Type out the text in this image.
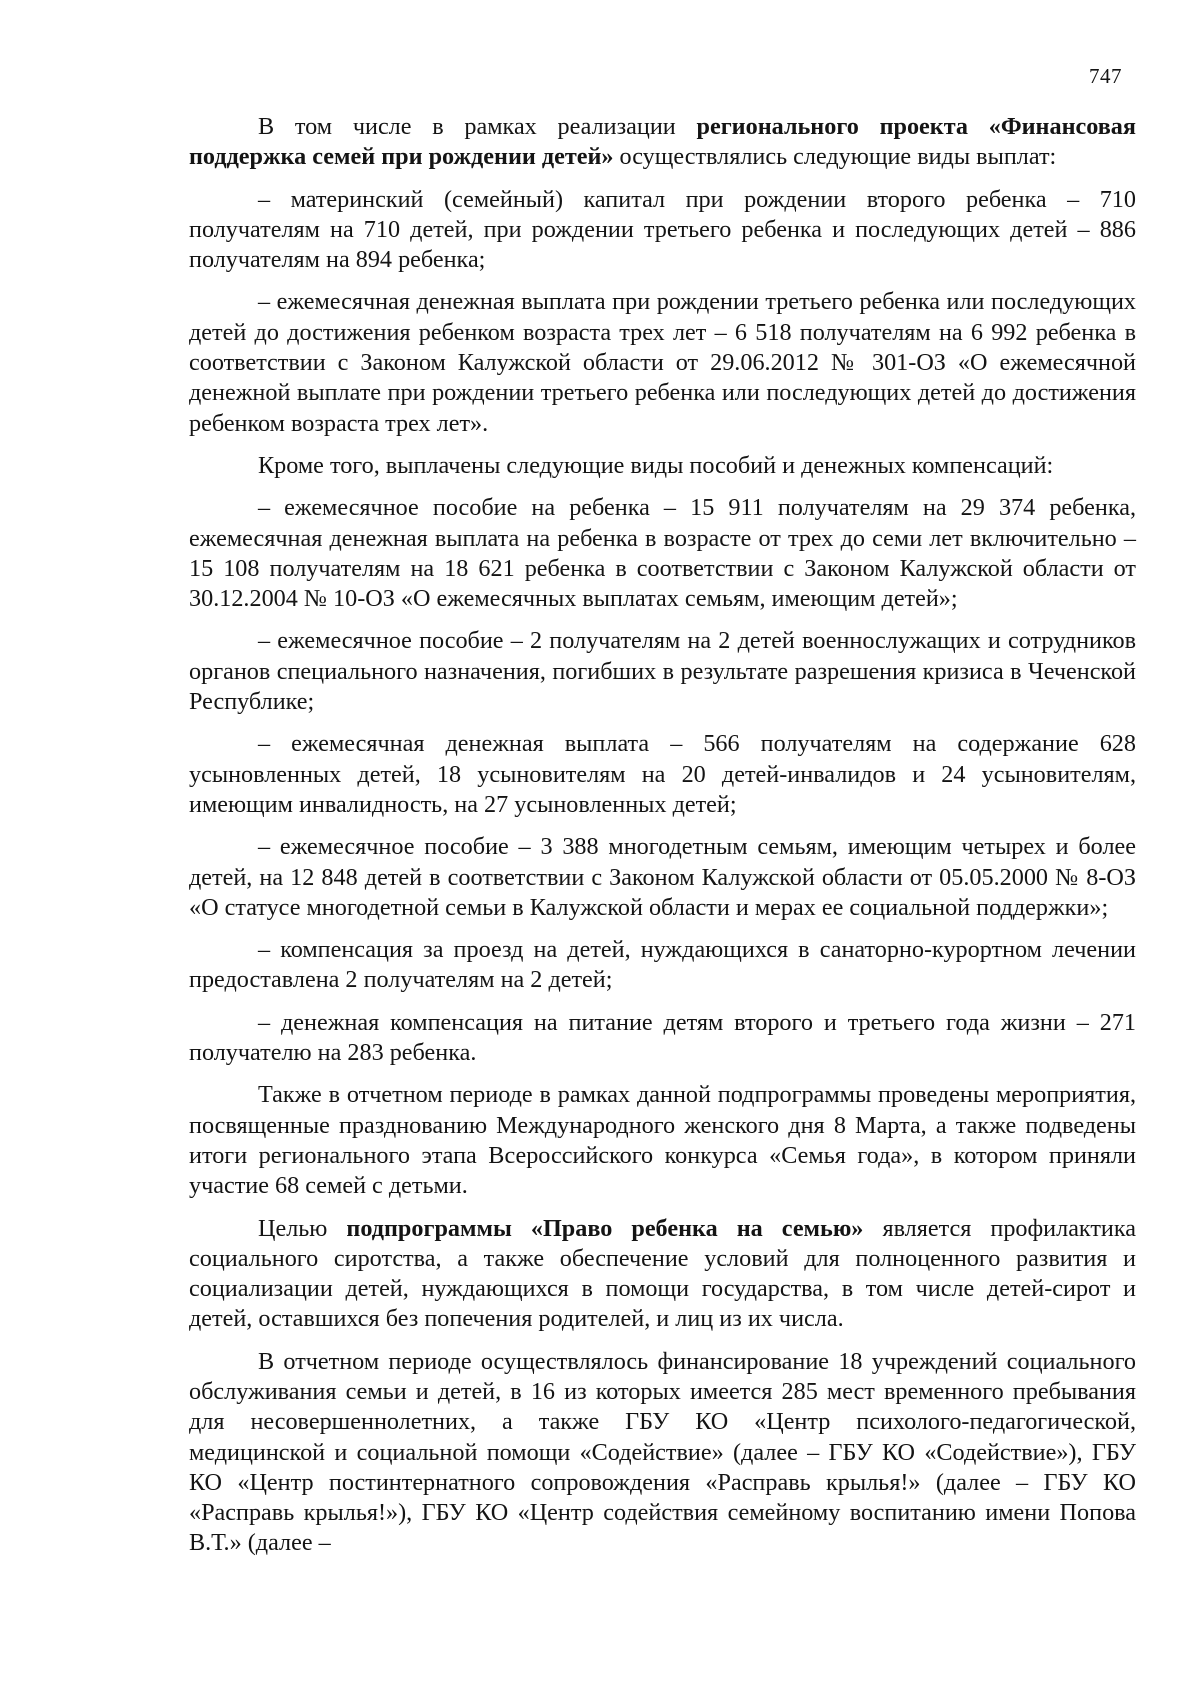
747

В том числе в рамках реализации регионального проекта «Финансовая поддержка семей при рождении детей» осуществлялись следующие виды выплат:

– материнский (семейный) капитал при рождении второго ребенка – 710 получателям на 710 детей, при рождении третьего ребенка и последующих детей – 886 получателям на 894 ребенка;

– ежемесячная денежная выплата при рождении третьего ребенка или последующих детей до достижения ребенком возраста трех лет – 6 518 получателям на 6 992 ребенка в соответствии с Законом Калужской области от 29.06.2012 № 301-ОЗ «О ежемесячной денежной выплате при рождении третьего ребенка или последующих детей до достижения ребенком возраста трех лет».

Кроме того, выплачены следующие виды пособий и денежных компенсаций:

– ежемесячное пособие на ребенка – 15 911 получателям на 29 374 ребенка, ежемесячная денежная выплата на ребенка в возрасте от трех до семи лет включительно – 15 108 получателям на 18 621 ребенка в соответствии с Законом Калужской области от 30.12.2004 № 10-ОЗ «О ежемесячных выплатах семьям, имеющим детей»;

– ежемесячное пособие – 2 получателям на 2 детей военнослужащих и сотрудников органов специального назначения, погибших в результате разрешения кризиса в Чеченской Республике;

– ежемесячная денежная выплата – 566 получателям на содержание 628 усыновленных детей, 18 усыновителям на 20 детей-инвалидов и 24 усыновителям, имеющим инвалидность, на 27 усыновленных детей;

– ежемесячное пособие – 3 388 многодетным семьям, имеющим четырех и более детей, на 12 848 детей в соответствии с Законом Калужской области от 05.05.2000 № 8-ОЗ «О статусе многодетной семьи в Калужской области и мерах ее социальной поддержки»;

– компенсация за проезд на детей, нуждающихся в санаторно-курортном лечении предоставлена 2 получателям на 2 детей;

– денежная компенсация на питание детям второго и третьего года жизни – 271 получателю на 283 ребенка.

Также в отчетном периоде в рамках данной подпрограммы проведены мероприятия, посвященные празднованию Международного женского дня 8 Марта, а также подведены итоги регионального этапа Всероссийского конкурса «Семья года», в котором приняли участие 68 семей с детьми.

Целью подпрограммы «Право ребенка на семью» является профилактика социального сиротства, а также обеспечение условий для полноценного развития и социализации детей, нуждающихся в помощи государства, в том числе детей-сирот и детей, оставшихся без попечения родителей, и лиц из их числа.

В отчетном периоде осуществлялось финансирование 18 учреждений социального обслуживания семьи и детей, в 16 из которых имеется 285 мест временного пребывания для несовершеннолетних, а также ГБУ КО «Центр психолого-педагогической, медицинской и социальной помощи «Содействие» (далее – ГБУ КО «Содействие»), ГБУ КО «Центр постинтернатного сопровождения «Расправь крылья!» (далее – ГБУ КО «Расправь крылья!»), ГБУ КО «Центр содействия семейному воспитанию имени Попова В.Т.» (далее –
